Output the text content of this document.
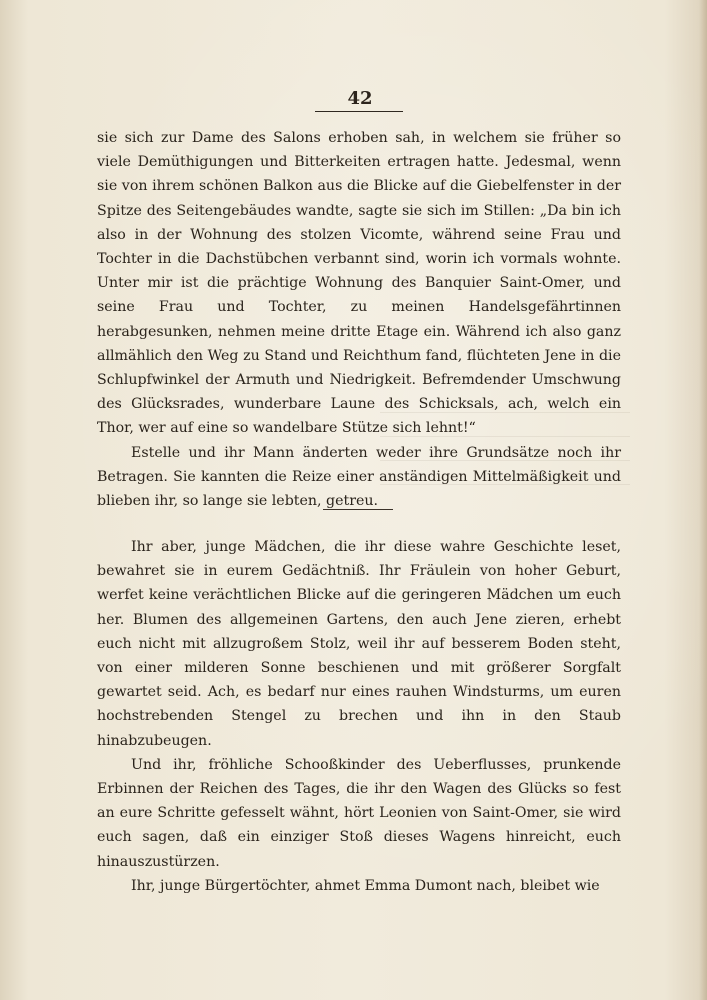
42

sie sich zur Dame des Salons erhoben sah, in welchem sie früher so viele Demüthigungen und Bitterkeiten ertragen hatte. Jedesmal, wenn sie von ihrem schönen Balkon aus die Blicke auf die Giebelfenster in der Spitze des Seitengebäudes wandte, sagte sie sich im Stillen: „Da bin ich also in der Wohnung des stolzen Vicomte, während seine Frau und Tochter in die Dachstübchen verbannt sind, worin ich vormals wohnte. Unter mir ist die prächtige Wohnung des Banquier Saint-Omer, und seine Frau und Tochter, zu meinen Handelsgefährtinnen herabgesunken, nehmen meine dritte Etage ein. Während ich also ganz allmählich den Weg zu Stand und Reichthum fand, flüchteten Jene in die Schlupfwinkel der Armuth und Niedrigkeit. Befremdender Umschwung des Glücksrades, wunderbare Laune des Schicksals, ach, welch ein Thor, wer auf eine so wandelbare Stütze sich lehnt!“

Estelle und ihr Mann änderten weder ihre Grundsätze noch ihr Betragen. Sie kannten die Reize einer anständigen Mittelmäßigkeit und blieben ihr, so lange sie lebten, getreu.

Ihr aber, junge Mädchen, die ihr diese wahre Geschichte leset, bewahret sie in eurem Gedächtniß. Ihr Fräulein von hoher Geburt, werfet keine verächtlichen Blicke auf die geringeren Mädchen um euch her. Blumen des allgemeinen Gartens, den auch Jene zieren, erhebt euch nicht mit allzugroßem Stolz, weil ihr auf besserem Boden steht, von einer milderen Sonne beschienen und mit größerer Sorgfalt gewartet seid. Ach, es bedarf nur eines rauhen Windsturms, um euren hochstrebenden Stengel zu brechen und ihn in den Staub hinabzubeugen.

Und ihr, fröhliche Schooßkinder des Ueberflusses, prunkende Erbinnen der Reichen des Tages, die ihr den Wagen des Glücks so fest an eure Schritte gefesselt wähnt, hört Leonien von Saint-Omer, sie wird euch sagen, daß ein einziger Stoß dieses Wagens hinreicht, euch hinauszustürzen.

Ihr, junge Bürgertöchter, ahmet Emma Dumont nach, bleibet wie
